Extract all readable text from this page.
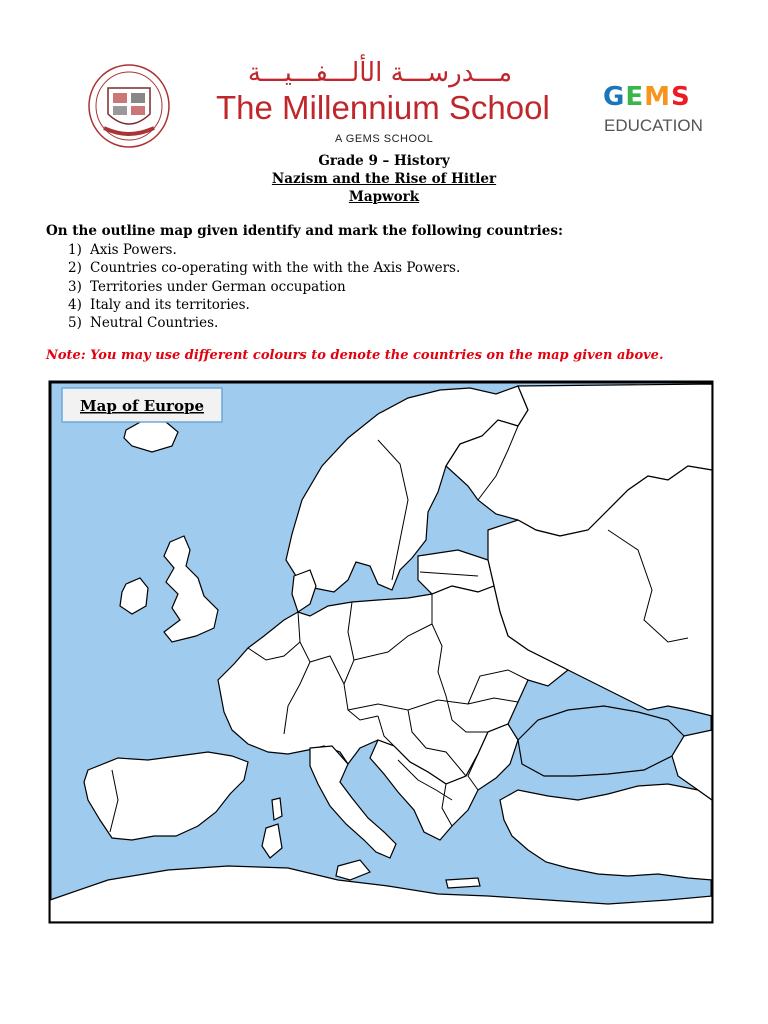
مـــدرســـة الألـــفـــيـــة
The Millennium School
A GEMS SCHOOL
GEMS
EDUCATION
Grade 9 – History
Nazism and the Rise of Hitler
Mapwork
On the outline map given identify and mark the following countries:
1) Axis Powers.
2) Countries co-operating with the with the Axis Powers.
3) Territories under German occupation
4) Italy and its territories.
5) Neutral Countries.
Note: You may use different colours to denote the countries on the map given above.
Map of Europe
